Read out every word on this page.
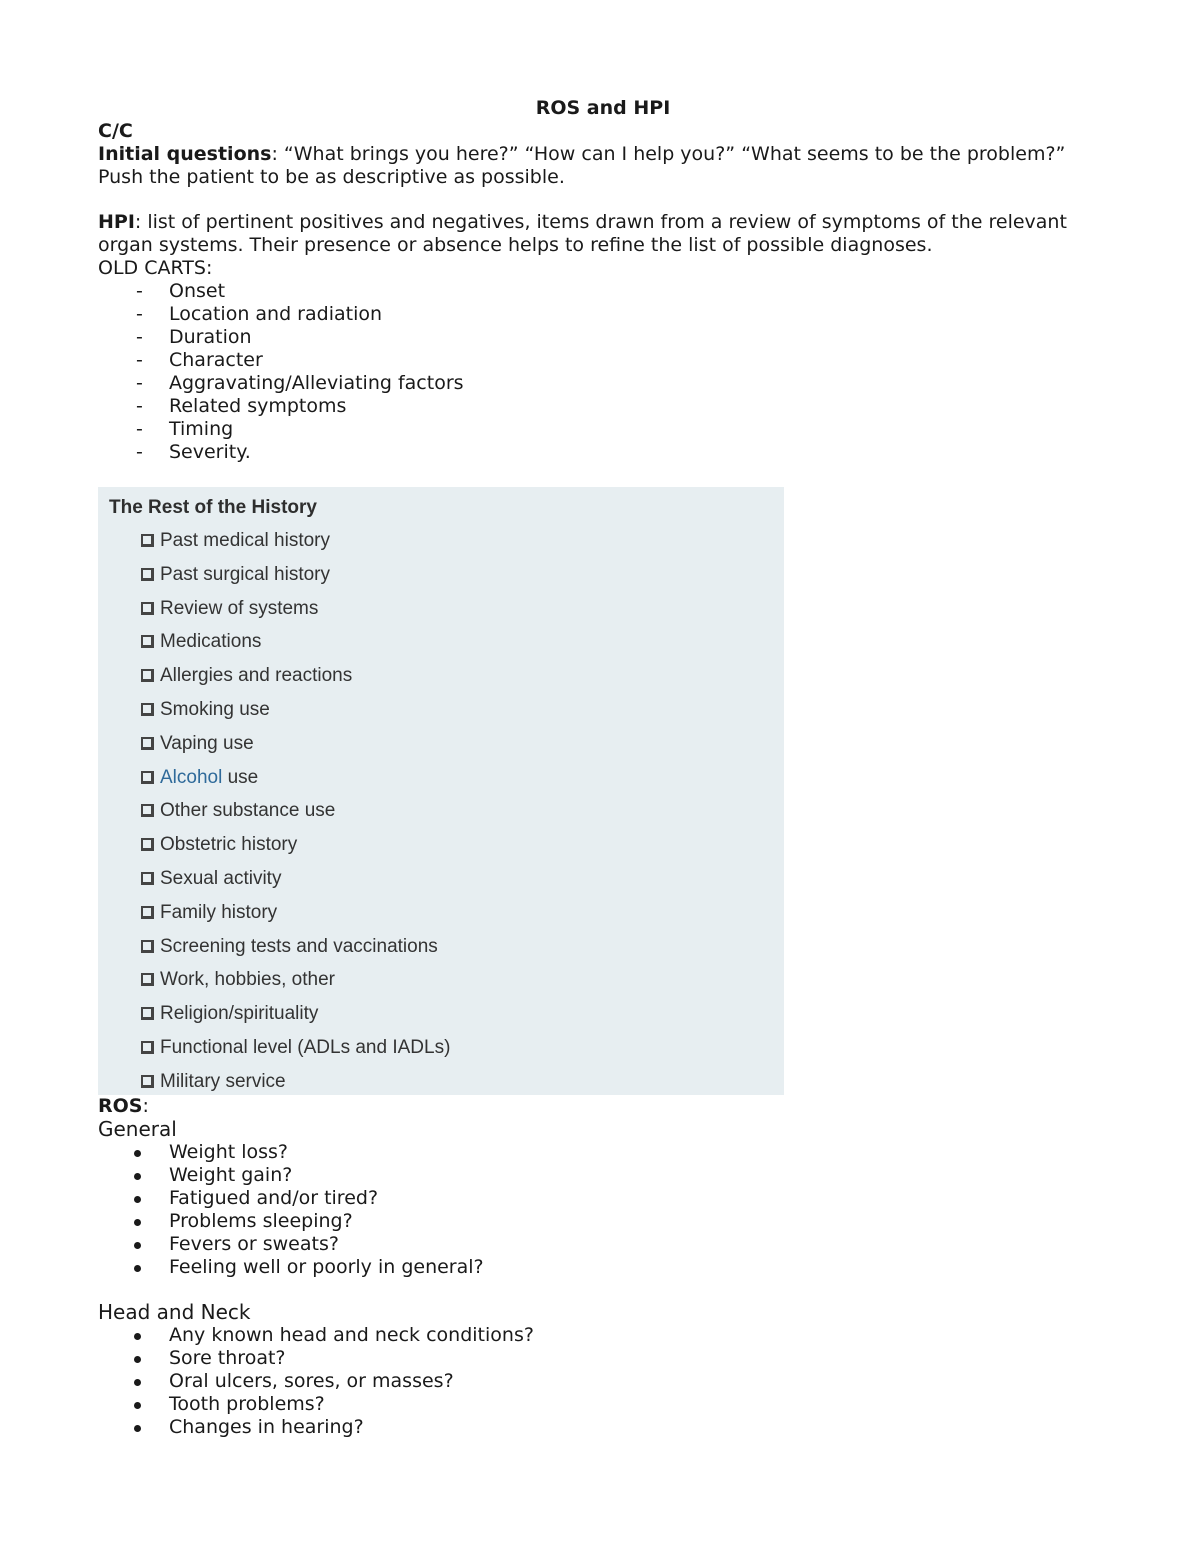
ROS and HPI

C/C

Initial questions: “What brings you here?” “How can I help you?” “What seems to be the problem?”

Push the patient to be as descriptive as possible.

HPI: list of pertinent positives and negatives, items drawn from a review of symptoms of the relevant organ systems. Their presence or absence helps to refine the list of possible diagnoses.

OLD CARTS:

- Onset
- Location and radiation
- Duration
- Character
- Aggravating/Alleviating factors
- Related symptoms
- Timing
- Severity.
The Rest of the History
Past medical history
Past surgical history
Review of systems
Medications
Allergies and reactions
Smoking use
Vaping use
Alcohol use
Other substance use
Obstetric history
Sexual activity
Family history
Screening tests and vaccinations
Work, hobbies, other
Religion/spirituality
Functional level (ADLs and IADLs)
Military service

ROS:

General

Weight loss?
Weight gain?
Fatigued and/or tired?
Problems sleeping?
Fevers or sweats?
Feeling well or poorly in general?

Head and Neck

Any known head and neck conditions?
Sore throat?
Oral ulcers, sores, or masses?
Tooth problems?
Changes in hearing?
